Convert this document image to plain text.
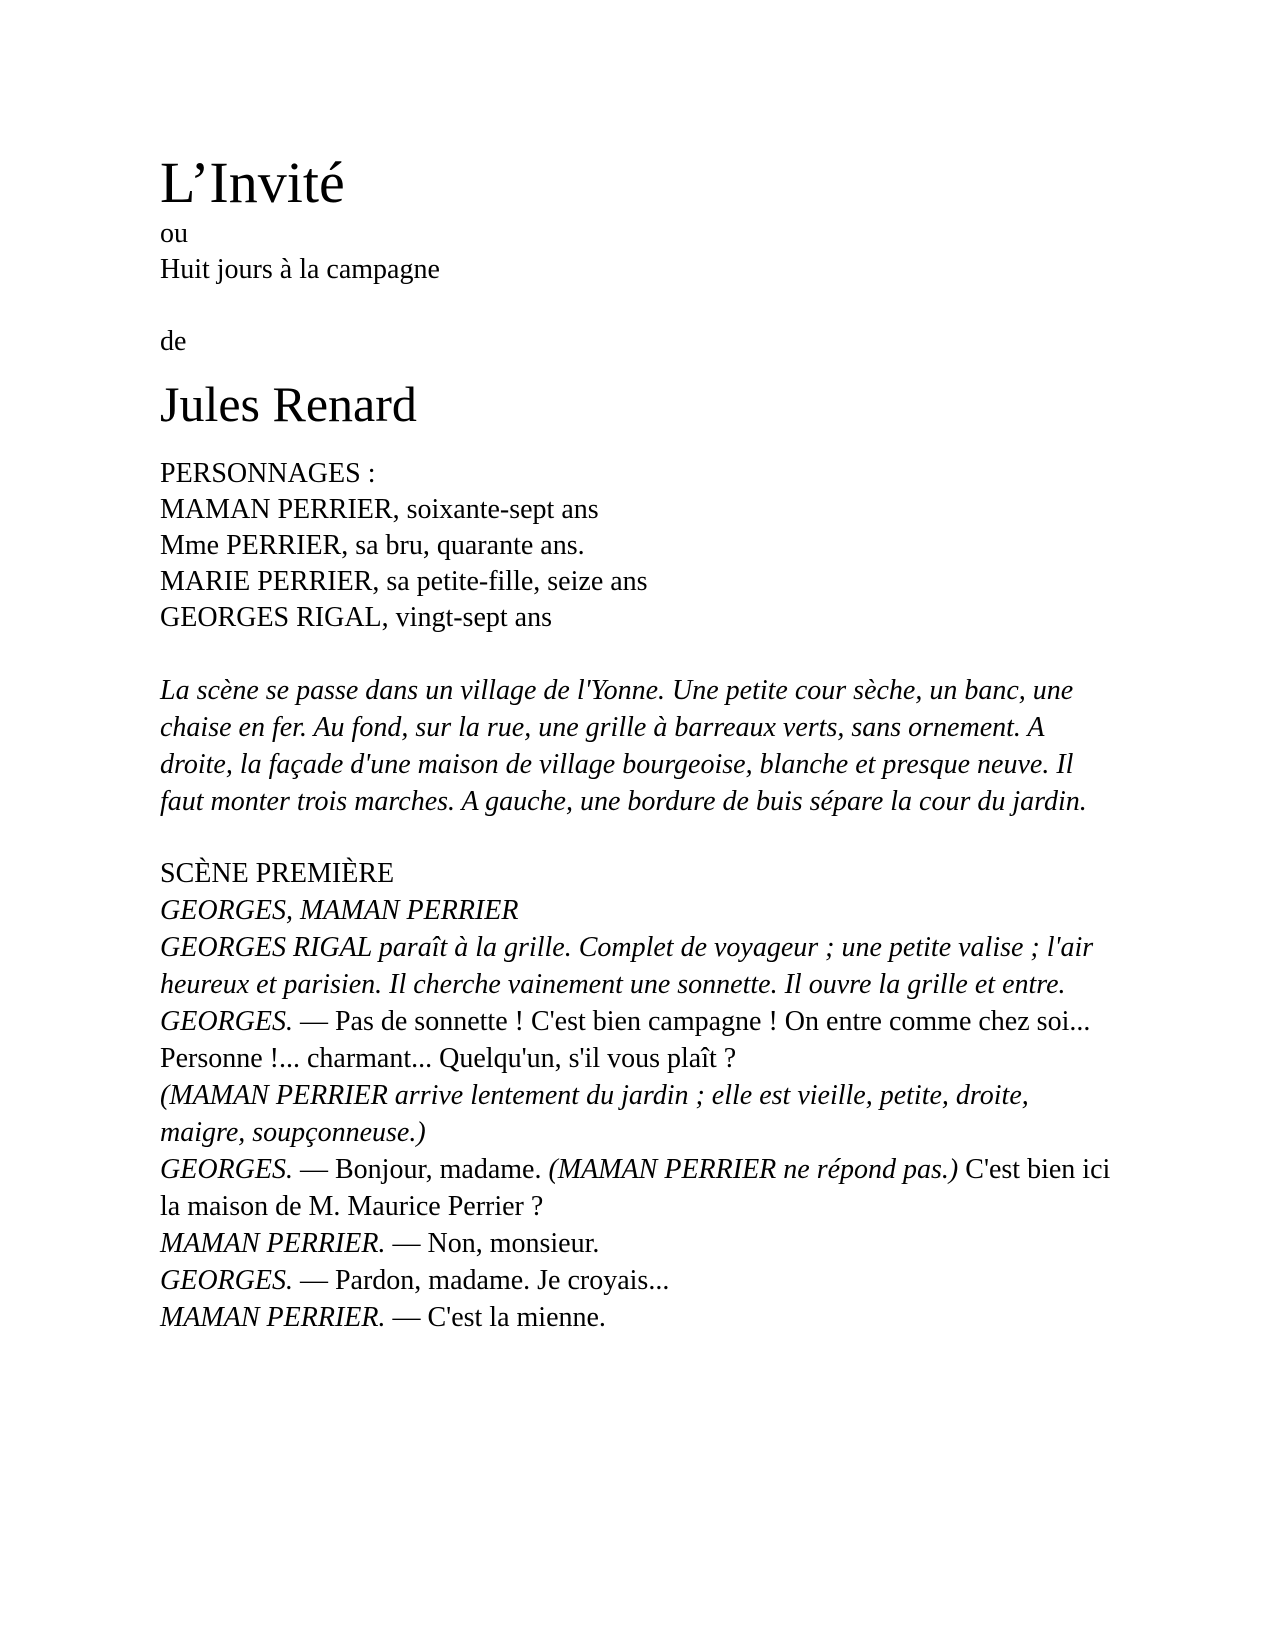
L’Invité

ou

Huit jours à la campagne

de

Jules Renard

PERSONNAGES :

MAMAN PERRIER, soixante-sept ans

Mme PERRIER, sa bru, quarante ans.

MARIE PERRIER, sa petite-fille, seize ans

GEORGES RIGAL, vingt-sept ans

La scène se passe dans un village de l'Yonne. Une petite cour sèche, un banc, une chaise en fer. Au fond, sur la rue, une grille à barreaux verts, sans ornement. A droite, la façade d'une maison de village bourgeoise, blanche et presque neuve. Il faut monter trois marches. A gauche, une bordure de buis sépare la cour du jardin.

SCÈNE PREMIÈRE

GEORGES, MAMAN PERRIER

GEORGES RIGAL paraît à la grille. Complet de voyageur ; une petite valise ; l'air heureux et parisien. Il cherche vainement une sonnette. Il ouvre la grille et entre.

GEORGES. — Pas de sonnette ! C'est bien campagne ! On entre comme chez soi... Personne !... charmant... Quelqu'un, s'il vous plaît ?

(MAMAN PERRIER arrive lentement du jardin ; elle est vieille, petite, droite, maigre, soupçonneuse.)

GEORGES. — Bonjour, madame. (MAMAN PERRIER ne répond pas.) C'est bien ici la maison de M. Maurice Perrier ?

MAMAN PERRIER. — Non, monsieur.

GEORGES. — Pardon, madame. Je croyais...

MAMAN PERRIER. — C'est la mienne.
